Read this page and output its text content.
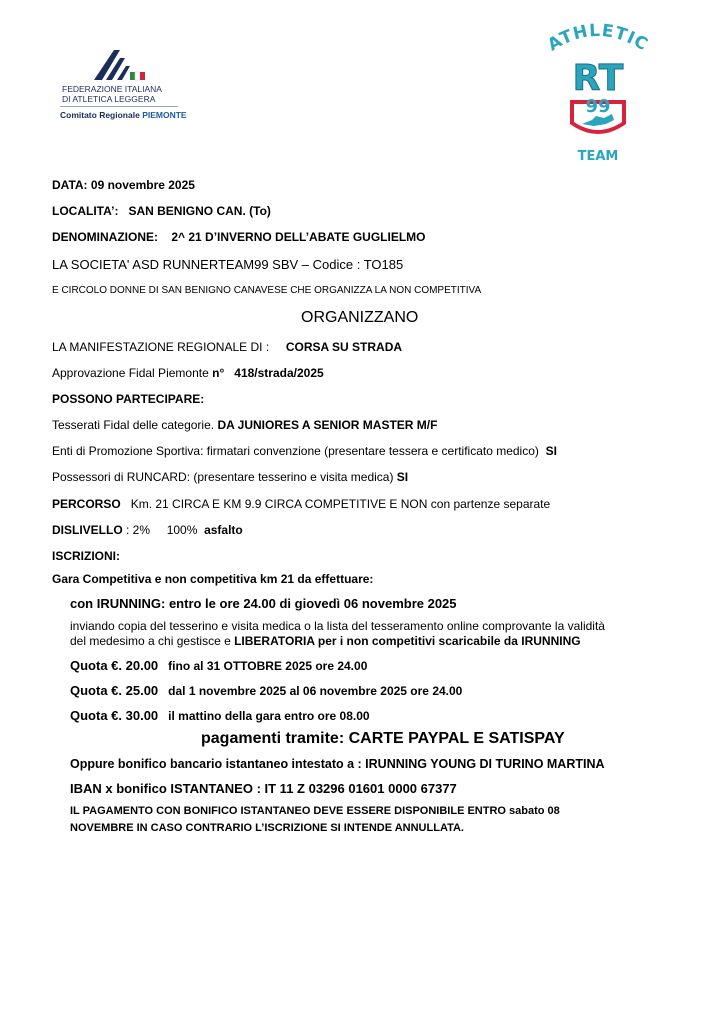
FEDERAZIONE ITALIANA
DI ATLETICA LEGGERA
Comitato Regionale PIEMONTE
ATHLETIC
RT
99
TEAM
DATA: 09 novembre 2025
LOCALITA’: SAN BENIGNO CAN. (To)
DENOMINAZIONE: 2^ 21 D’INVERNO DELL’ABATE GUGLIELMO
LA SOCIETA' ASD RUNNERTEAM99 SBV – Codice : TO185
E CIRCOLO DONNE DI SAN BENIGNO CANAVESE CHE ORGANIZZA LA NON COMPETITIVA
ORGANIZZANO
LA MANIFESTAZIONE REGIONALE DI : CORSA SU STRADA
Approvazione Fidal Piemonte n° 418/strada/2025
POSSONO PARTECIPARE:
Tesserati Fidal delle categorie. DA JUNIORES A SENIOR MASTER M/F
Enti di Promozione Sportiva: firmatari convenzione (presentare tessera e certificato medico) SI
Possessori di RUNCARD: (presentare tesserino e visita medica) SI
PERCORSO Km. 21 CIRCA E KM 9.9 CIRCA COMPETITIVE E NON con partenze separate
DISLIVELLO : 2%     100% asfalto
ISCRIZIONI:
Gara Competitiva e non competitiva km 21 da effettuare:
con IRUNNING: entro le ore 24.00 di giovedì 06 novembre 2025
inviando copia del tesserino e visita medica o la lista del tesseramento online comprovante la validità
del medesimo a chi gestisce e LIBERATORIA per i non competitivi scaricabile da IRUNNING
Quota €. 20.00 fino al 31 OTTOBRE 2025 ore 24.00
Quota €. 25.00 dal 1 novembre 2025 al 06 novembre 2025 ore 24.00
Quota €. 30.00 il mattino della gara entro ore 08.00
pagamenti tramite: CARTE PAYPAL E SATISPAY
Oppure bonifico bancario istantaneo intestato a : IRUNNING YOUNG DI TURINO MARTINA
IBAN x bonifico ISTANTANEO : IT 11 Z 03296 01601 0000 67377
IL PAGAMENTO CON BONIFICO ISTANTANEO DEVE ESSERE DISPONIBILE ENTRO sabato 08
NOVEMBRE IN CASO CONTRARIO L’ISCRIZIONE SI INTENDE ANNULLATA.
